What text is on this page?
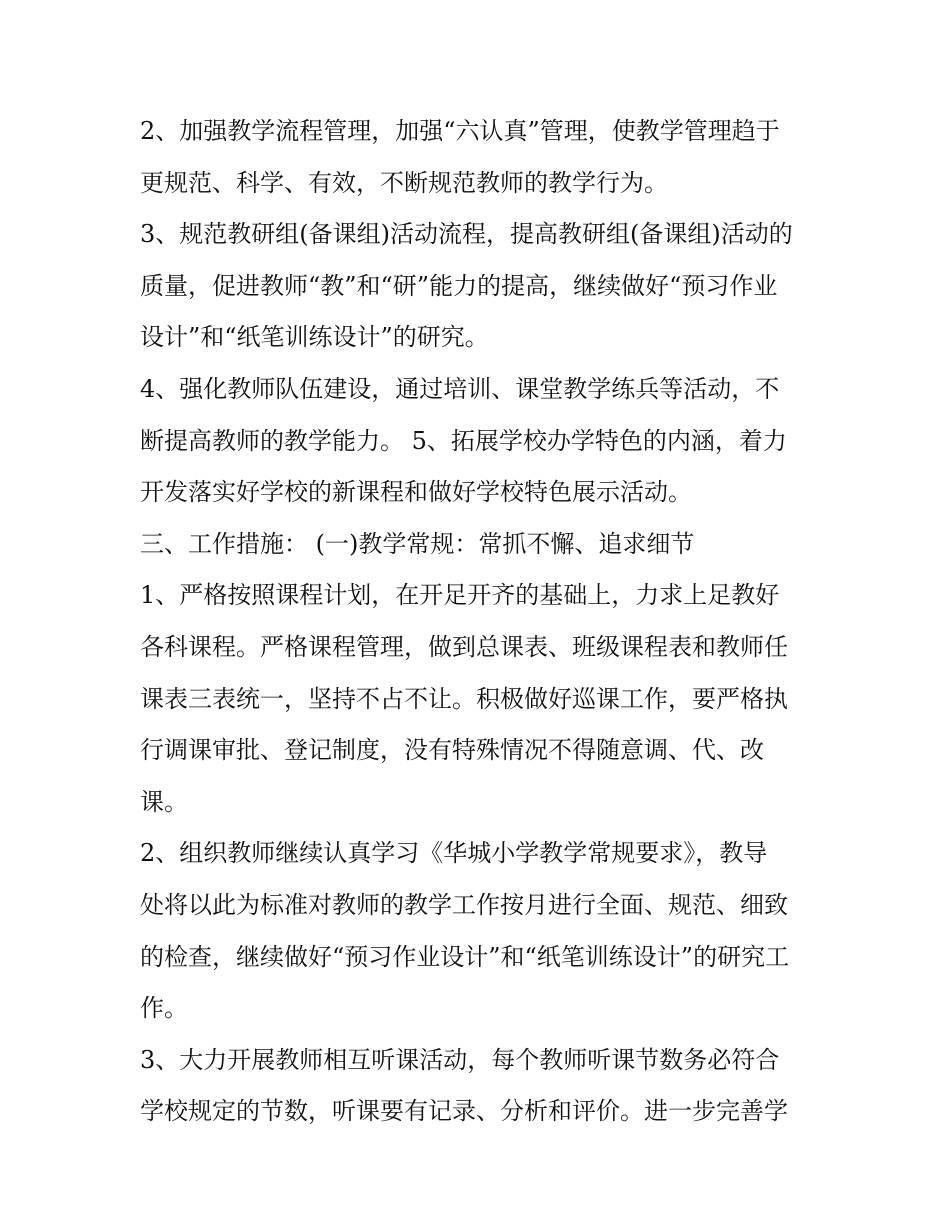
2、加强教学流程管理，加强“六认真”管理，使教学管理趋于
更规范、科学、有效，不断规范教师的教学行为。
3、规范教研组(备课组)活动流程，提高教研组(备课组)活动的
质量，促进教师“教”和“研”能力的提高，继续做好“预习作业
设计”和“纸笔训练设计”的研究。
4、强化教师队伍建设，通过培训、课堂教学练兵等活动，不
断提高教师的教学能力。 5、拓展学校办学特色的内涵，着力
开发落实好学校的新课程和做好学校特色展示活动。
三、工作措施： (一)教学常规：常抓不懈、追求细节
1、严格按照课程计划，在开足开齐的基础上，力求上足教好
各科课程。严格课程管理，做到总课表、班级课程表和教师任
课表三表统一，坚持不占不让。积极做好巡课工作，要严格执
行调课审批、登记制度，没有特殊情况不得随意调、代、改
课。
2、组织教师继续认真学习《华城小学教学常规要求》，教导
处将以此为标准对教师的教学工作按月进行全面、规范、细致
的检查，继续做好“预习作业设计”和“纸笔训练设计”的研究工
作。
3、大力开展教师相互听课活动，每个教师听课节数务必符合
学校规定的节数，听课要有记录、分析和评价。进一步完善学
